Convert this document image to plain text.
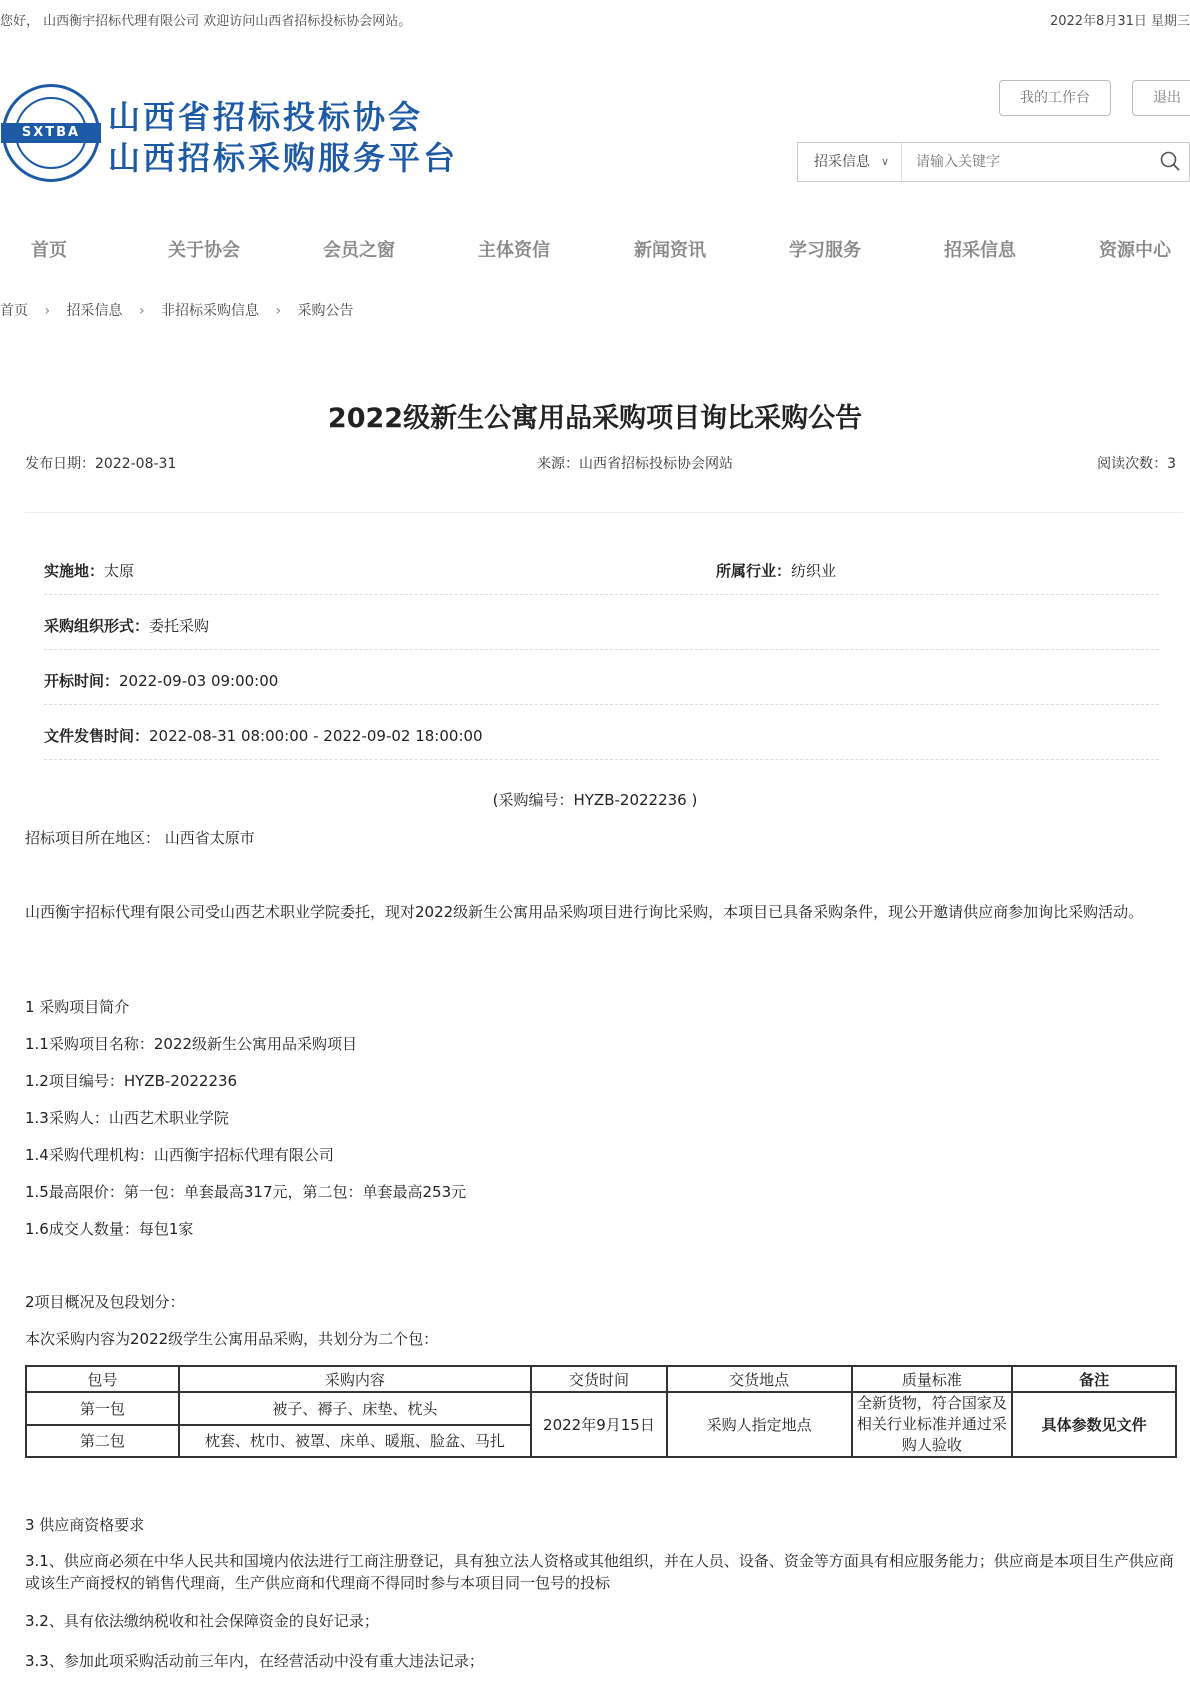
您好， 山西衡宇招标代理有限公司 欢迎访问山西省招标投标协会网站。	2022年8月31日 星期三
SXTBA 山西省招标投标协会
山西招标采购服务平台
我的工作台	退出
招采信息 ∨
请输入关键字
首页	关于协会	会员之窗	主体资信	新闻资讯	学习服务	招采信息	资源中心
首页 › 招采信息 › 非招标采购信息 › 采购公告
2022级新生公寓用品采购项目询比采购公告
发布日期：2022-08-31	来源：山西省招标投标协会网站	阅读次数：3
实施地：太原	所属行业：纺织业
采购组织形式：委托采购
开标时间：2022-09-03 09:00:00
文件发售时间：2022-08-31 08:00:00 - 2022-09-02 18:00:00
(采购编号：HYZB-2022236 )
招标项目所在地区： 山西省太原市
山西衡宇招标代理有限公司受山西艺术职业学院委托，现对2022级新生公寓用品采购项目进行询比采购，本项目已具备采购条件，现公开邀请供应商参加询比采购活动。
1 采购项目简介
1.1采购项目名称：2022级新生公寓用品采购项目
1.2项目编号：HYZB-2022236
1.3采购人：山西艺术职业学院
1.4采购代理机构：山西衡宇招标代理有限公司
1.5最高限价：第一包：单套最高317元，第二包：单套最高253元
1.6成交人数量：每包1家
2项目概况及包段划分：
本次采购内容为2022级学生公寓用品采购，共划分为二个包：
包号	采购内容	交货时间	交货地点	质量标准	备注
第一包	被子、褥子、床垫、枕头	2022年9月15日	采购人指定地点	全新货物，符合国家及相关行业标准并通过采购人验收	具体参数见文件
第二包	枕套、枕巾、被罩、床单、暖瓶、脸盆、马扎				
3 供应商资格要求
3.1、供应商必须在中华人民共和国境内依法进行工商注册登记，具有独立法人资格或其他组织，并在人员、设备、资金等方面具有相应服务能力；供应商是本项目生产供应商或该生产商授权的销售代理商，生产供应商和代理商不得同时参与本项目同一包号的投标
3.2、具有依法缴纳税收和社会保障资金的良好记录；
3.3、参加此项采购活动前三年内，在经营活动中没有重大违法记录；
